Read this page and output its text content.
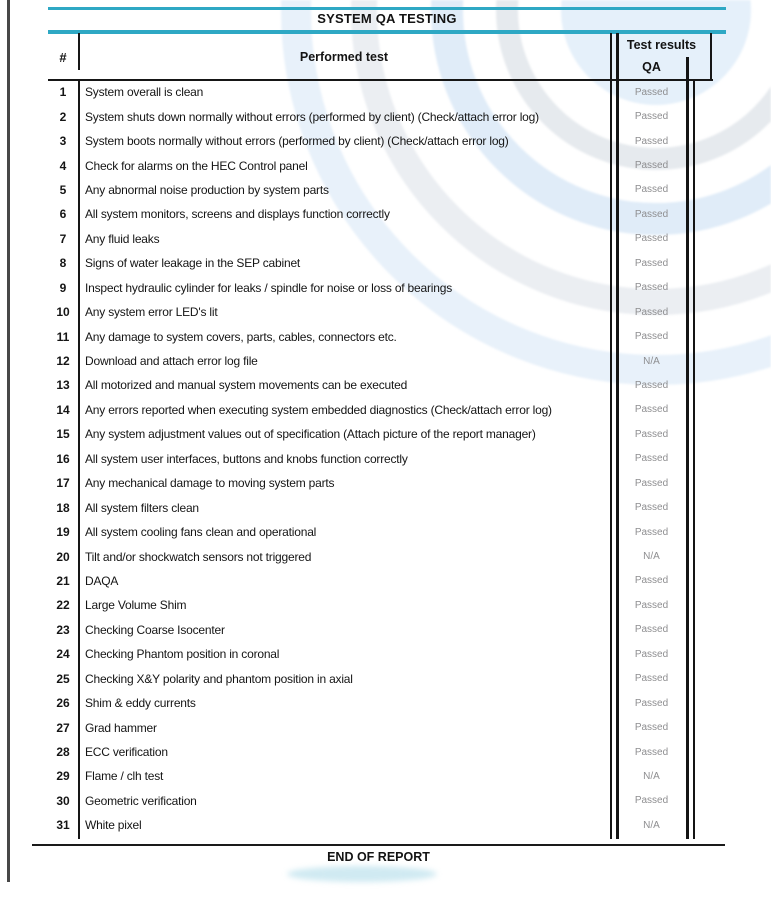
SYSTEM QA TESTING
#	Performed test
Test results
QA
1	System overall is clean	Passed
2	System shuts down normally without errors (performed by client) (Check/attach error log)	Passed
3	System boots normally without errors (performed by client) (Check/attach error log)	Passed
4	Check for alarms on the HEC Control panel	Passed
5	Any abnormal noise production by system parts	Passed
6	All system monitors, screens and displays function correctly	Passed
7	Any fluid leaks	Passed
8	Signs of water leakage in the SEP cabinet	Passed
9	Inspect hydraulic cylinder for leaks / spindle for noise or loss of bearings	Passed
10	Any system error LED's lit	Passed
11	Any damage to system covers, parts, cables, connectors etc.	Passed
12	Download and attach error log file	N/A
13	All motorized and manual system movements can be executed	Passed
14	Any errors reported when executing system embedded diagnostics (Check/attach error log)	Passed
15	Any system adjustment values out of specification (Attach picture of the report manager)	Passed
16	All system user interfaces, buttons and knobs function correctly	Passed
17	Any mechanical damage to moving system parts	Passed
18	All system filters clean	Passed
19	All system cooling fans clean and operational	Passed
20	Tilt and/or shockwatch sensors not triggered	N/A
21	DAQA	Passed
22	Large Volume Shim	Passed
23	Checking Coarse Isocenter	Passed
24	Checking Phantom position in coronal	Passed
25	Checking X&Y polarity and phantom position in axial	Passed
26	Shim & eddy currents	Passed
27	Grad hammer	Passed
28	ECC verification	Passed
29	Flame / clh test	N/A
30	Geometric verification	Passed
31	White pixel	N/A
END OF REPORT
